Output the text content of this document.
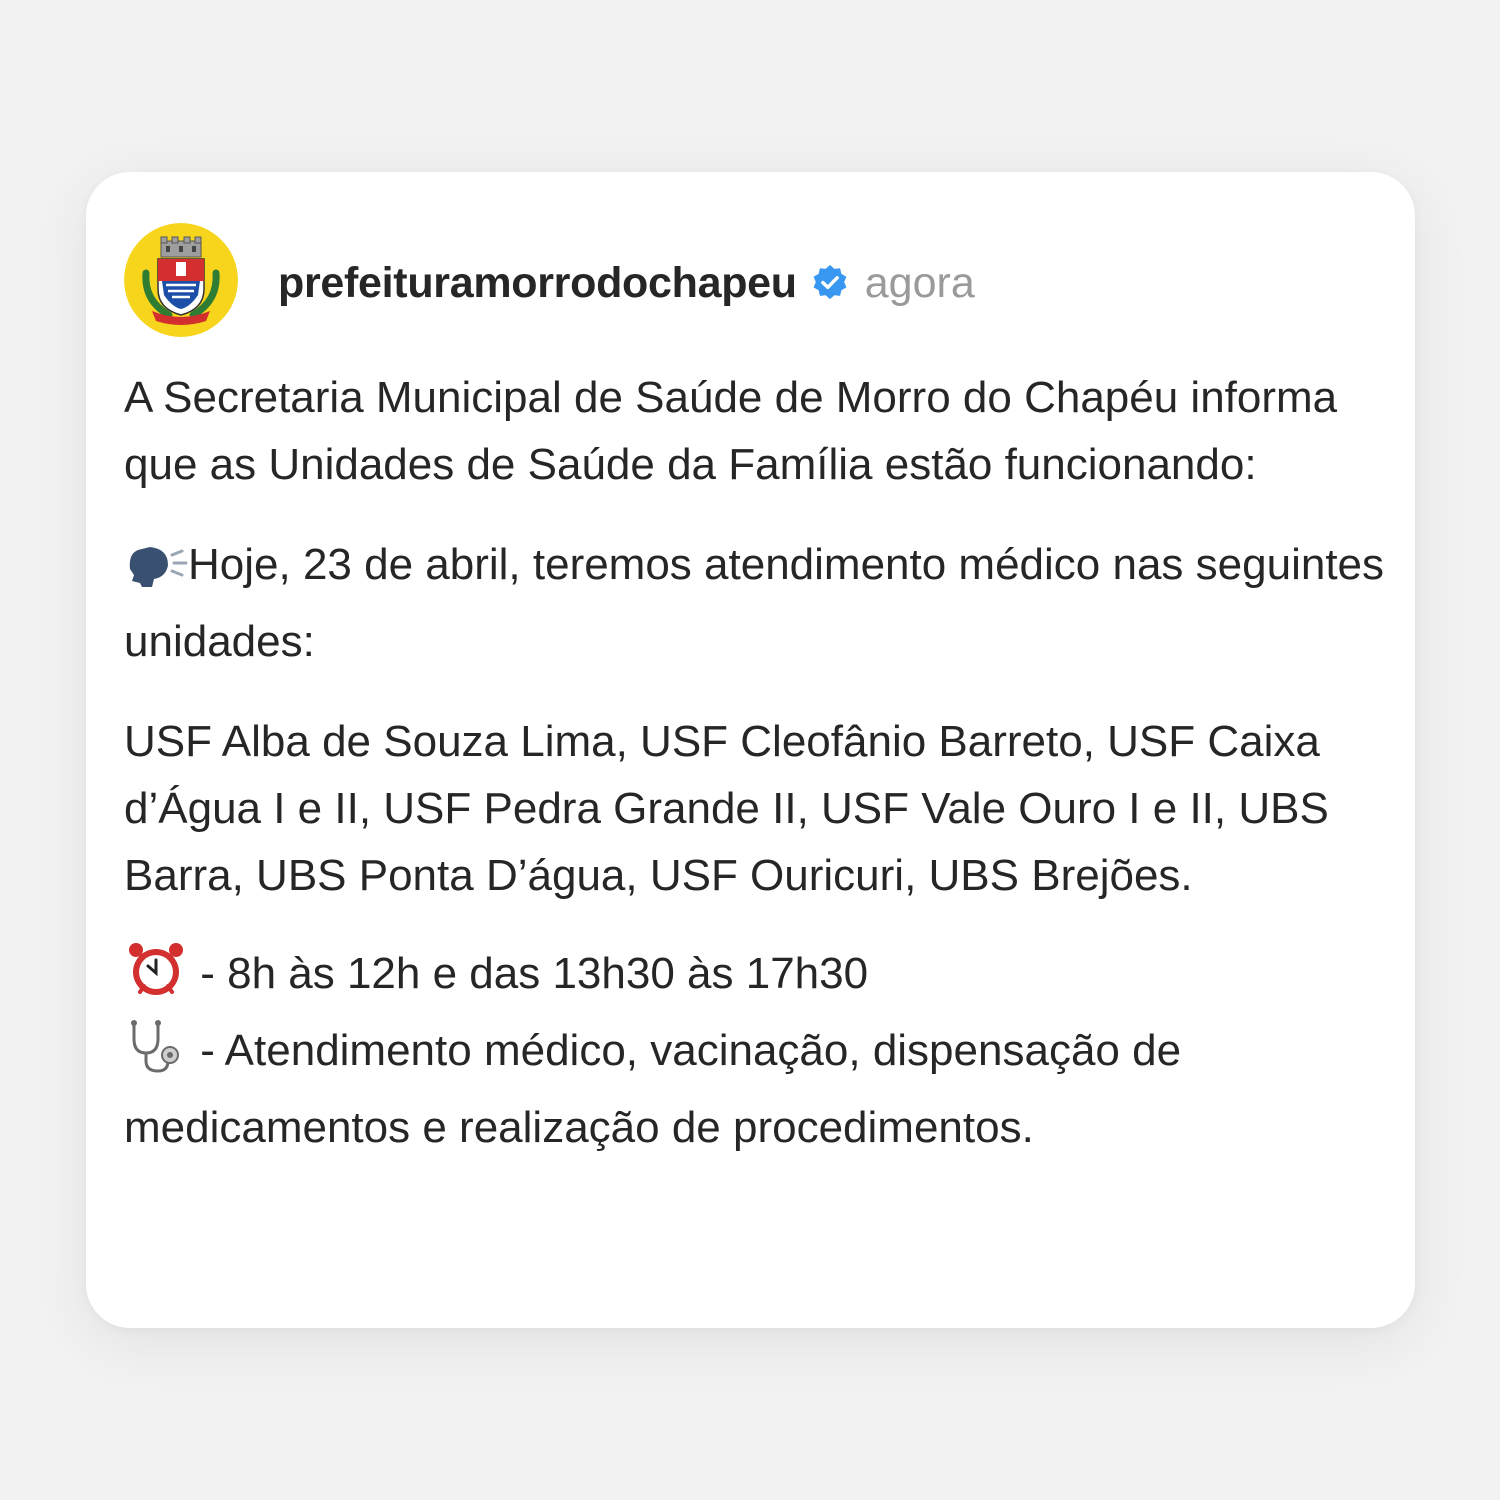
prefeituramorrodochapeu agora

A Secretaria Municipal de Saúde de Morro do Chapéu informa que as Unidades de Saúde da Família estão funcionando:

Hoje, 23 de abril, teremos atendimento médico nas seguintes unidades:

USF Alba de Souza Lima, USF Cleofânio Barreto, USF Caixa d’Água I e II, USF Pedra Grande II, USF Vale Ouro I e II, UBS Barra, UBS Ponta D’água, USF Ouricuri, UBS Brejões.

- 8h às 12h e das 13h30 às 17h30

- Atendimento médico, vacinação, dispensação de medicamentos e realização de procedimentos.
